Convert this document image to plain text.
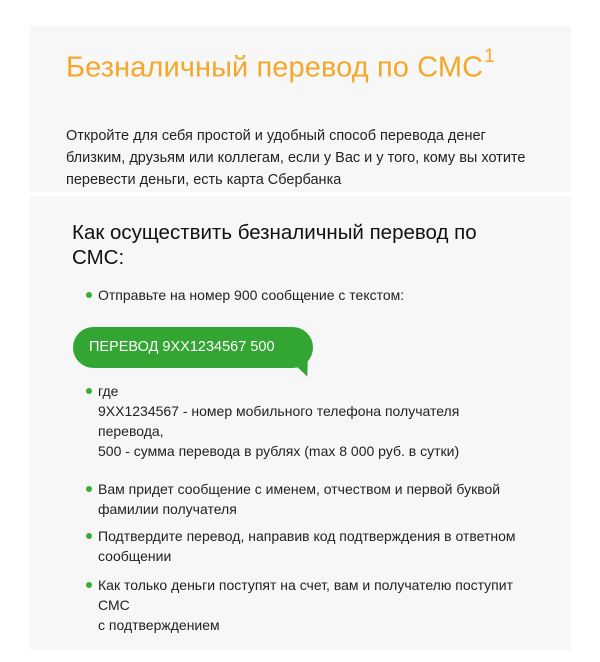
Безналичный перевод по СМС$^1$
Откройте для себя простой и удобный способ перевода денег
близким, друзьям или коллегам, если у Вас и у того, кому вы хотите
перевести деньги, есть карта Сбербанка
Как осуществить безналичный перевод по
СМС:
Отправьте на номер 900 сообщение с текстом:
ПЕРЕВОД 9XX1234567 500
где
9XX1234567 - номер мобильного телефона получателя
перевода,
500 - сумма перевода в рублях (max 8 000 руб. в сутки)
Вам придет сообщение с именем, отчеством и первой буквой
фамилии получателя
Подтвердите перевод, направив код подтверждения в ответном
сообщении
Как только деньги поступят на счет, вам и получателю поступит
СМС
с подтверждением
